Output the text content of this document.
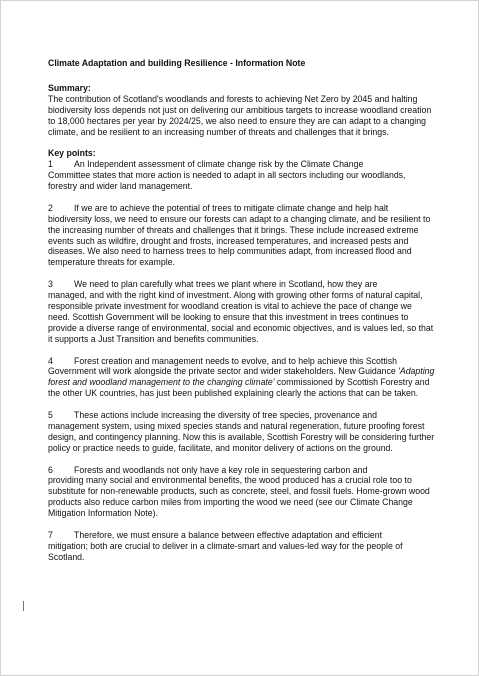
Climate Adaptation and building Resilience - Information Note

Summary:

The contribution of Scotland's woodlands and forests to achieving Net Zero by 2045 and halting biodiversity loss depends not just on delivering our ambitious targets to increase woodland creation to 18,000 hectares per year by 2024/25, we also need to ensure they are can adapt to a changing climate, and be resilient to an increasing number of threats and challenges that it brings.

Key points:

1 An Independent assessment of climate change risk by the Climate Change
Committee states that more action is needed to adapt in all sectors including our woodlands, forestry and wider land management.

2 If we are to achieve the potential of trees to mitigate climate change and help halt
biodiversity loss, we need to ensure our forests can adapt to a changing climate, and be resilient to the increasing number of threats and challenges that it brings. These include increased extreme events such as wildfire, drought and frosts, increased temperatures, and increased pests and diseases. We also need to harness trees to help communities adapt, from increased flood and temperature threats for example.

3 We need to plan carefully what trees we plant where in Scotland, how they are
managed, and with the right kind of investment. Along with growing other forms of natural capital, responsible private investment for woodland creation is vital to achieve the pace of change we need. Scottish Government will be looking to ensure that this investment in trees continues to provide a diverse range of environmental, social and economic objectives, and is values led, so that it supports a Just Transition and benefits communities.

4 Forest creation and management needs to evolve, and to help achieve this Scottish
Government will work alongside the private sector and wider stakeholders. New Guidance 'Adapting forest and woodland management to the changing climate' commissioned by Scottish Forestry and the other UK countries, has just been published explaining clearly the actions that can be taken.

5 These actions include increasing the diversity of tree species, provenance and
management system, using mixed species stands and natural regeneration, future proofing forest design, and contingency planning. Now this is available, Scottish Forestry will be considering further policy or practice needs to guide, facilitate, and monitor delivery of actions on the ground.

6 Forests and woodlands not only have a key role in sequestering carbon and
providing many social and environmental benefits, the wood produced has a crucial role too to substitute for non-renewable products, such as concrete, steel, and fossil fuels. Home-grown wood products also reduce carbon miles from importing the wood we need (see our Climate Change Mitigation Information Note).

7 Therefore, we must ensure a balance between effective adaptation and efficient
mitigation; both are crucial to deliver in a climate-smart and values-led way for the people of Scotland.
